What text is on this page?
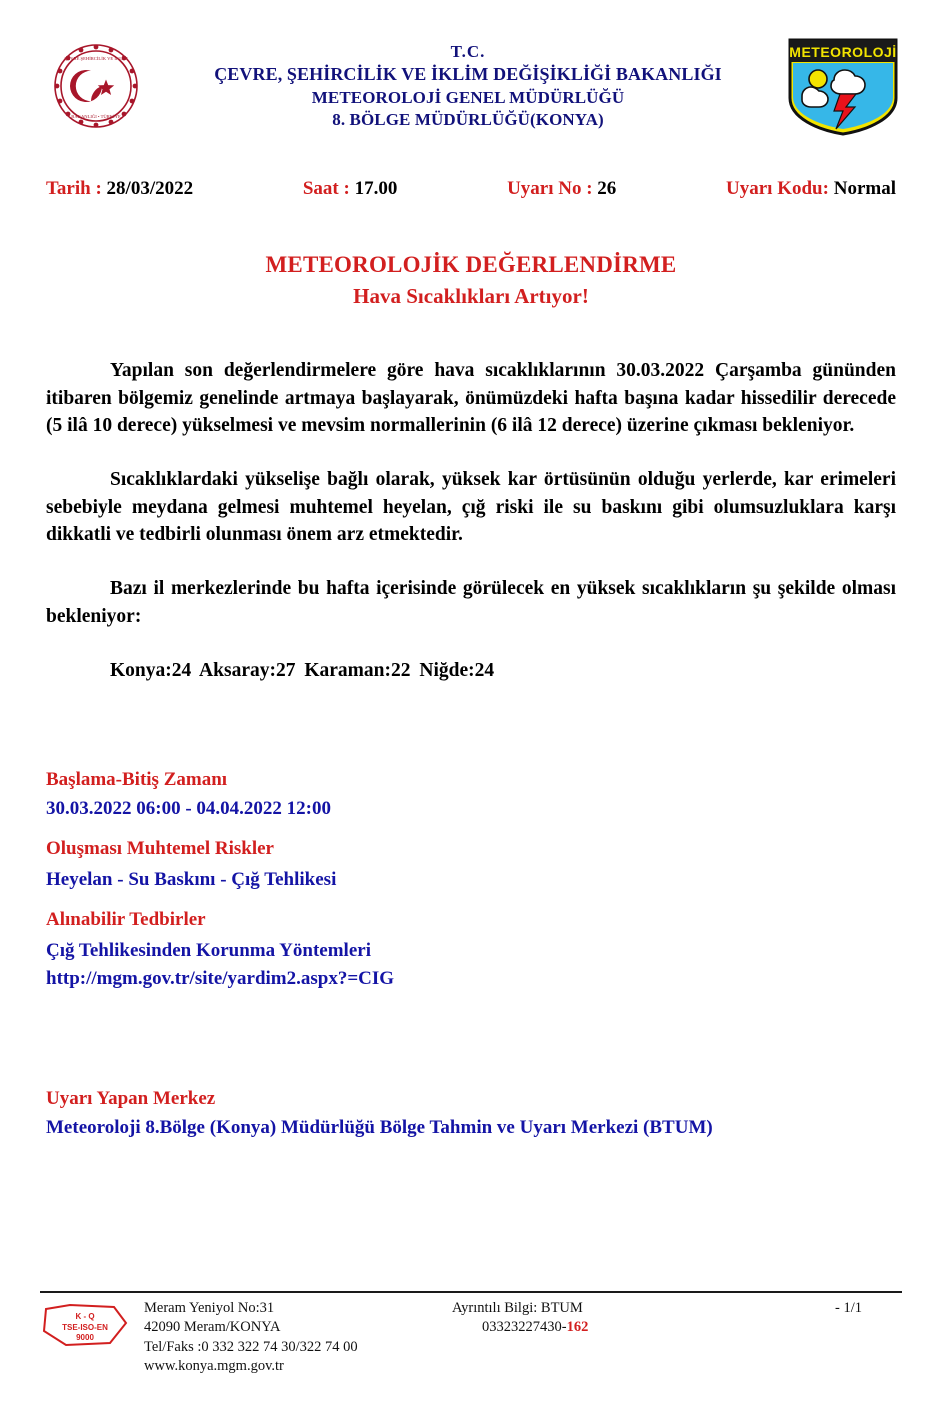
ÇEVRE ŞEHİRCİLİK VE İKLİM
BAKANLIĞI • TÜRKİYE
T.C.
ÇEVRE, ŞEHİRCİLİK VE İKLİM DEĞİŞİKLİĞİ BAKANLIĞI
METEOROLOJİ GENEL MÜDÜRLÜĞÜ
8. BÖLGE MÜDÜRLÜĞÜ(KONYA)
METEOROLOJİ
Tarih : 28/03/2022	Saat : 17.00	Uyarı No : 26	Uyarı Kodu: Normal
METEOROLOJİK DEĞERLENDİRME
Hava Sıcaklıkları Artıyor!

Yapılan son değerlendirmelere göre hava sıcaklıklarının 30.03.2022 Çarşamba gününden itibaren bölgemiz genelinde artmaya başlayarak, önümüzdeki hafta başına kadar hissedilir derecede (5 ilâ 10 derece) yükselmesi ve mevsim normallerinin (6 ilâ 12 derece) üzerine çıkması bekleniyor.

Sıcaklıklardaki yükselişe bağlı olarak, yüksek kar örtüsünün olduğu yerlerde, kar erimeleri sebebiyle meydana gelmesi muhtemel heyelan, çığ riski ile su baskını gibi olumsuzluklara karşı dikkatli ve tedbirli olunması önem arz etmektedir.

Bazı il merkezlerinde bu hafta içerisinde görülecek en yüksek sıcaklıkların şu şekilde olması bekleniyor:

Konya:24 Aksaray:27 Karaman:22 Niğde:24

Başlama-Bitiş Zamanı
30.03.2022 06:00 - 04.04.2022 12:00
Oluşması Muhtemel Riskler
Heyelan - Su Baskını - Çığ Tehlikesi
Alınabilir Tedbirler
Çığ Tehlikesinden Korunma Yöntemleri
http://mgm.gov.tr/site/yardim2.aspx?=CIG
Uyarı Yapan Merkez
Meteoroloji 8.Bölge (Konya) Müdürlüğü Bölge Tahmin ve Uyarı Merkezi (BTUM)
K - Q
TSE-ISO-EN
9000
Meram Yeniyol No:31
42090 Meram/KONYA
Tel/Faks :0 332 322 74 30/322 74 00
www.konya.mgm.gov.tr
Ayrıntılı Bilgi: BTUM
03323227430-162
- 1/1
